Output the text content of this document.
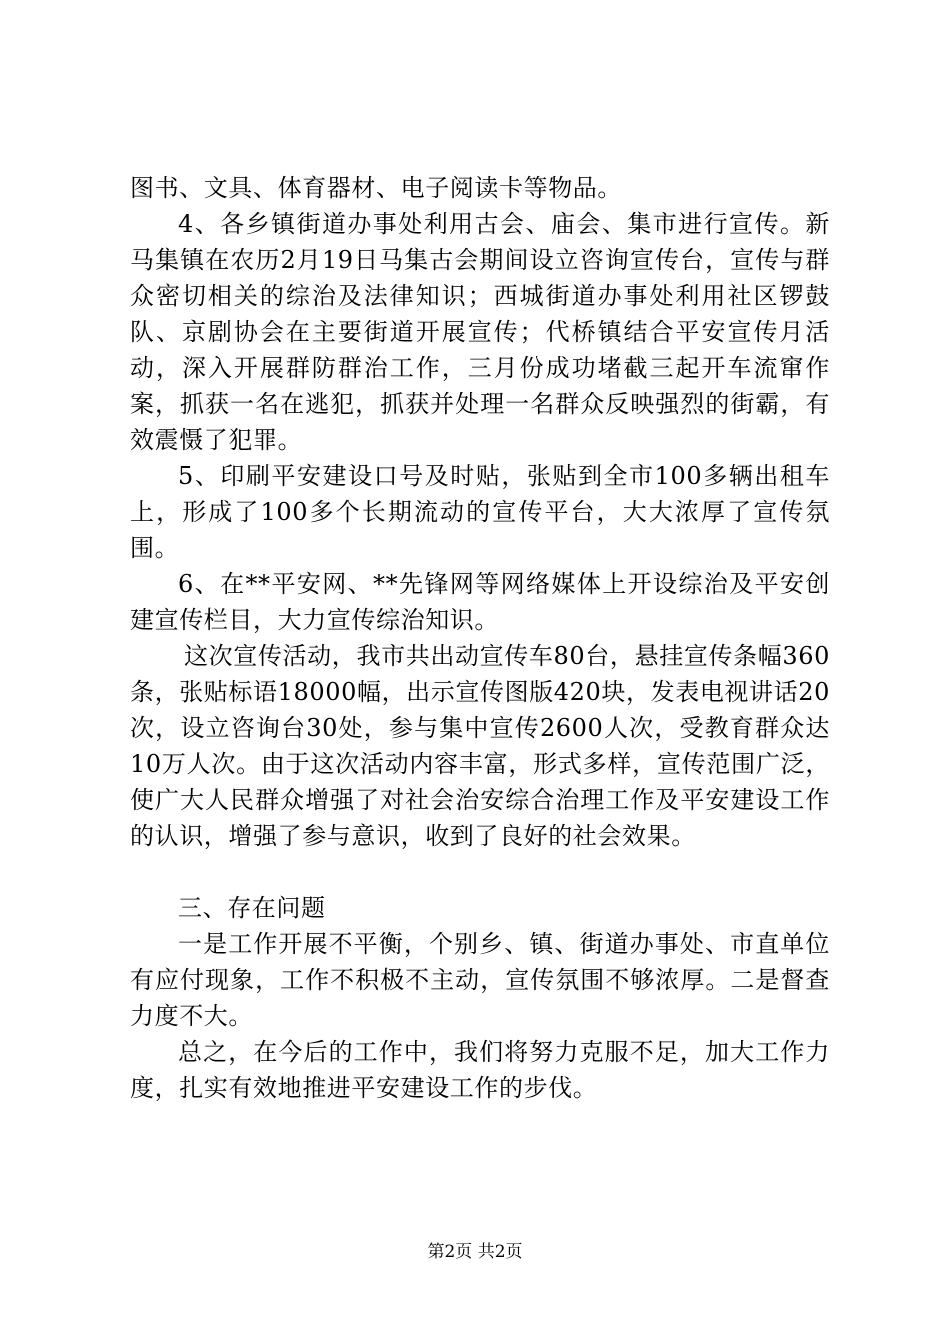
图书、文具、体育器材、电子阅读卡等物品。

4、各乡镇街道办事处利用古会、庙会、集市进行宣传。新马集镇在农历2月19日马集古会期间设立咨询宣传台，宣传与群众密切相关的综治及法律知识；西城街道办事处利用社区锣鼓队、京剧协会在主要街道开展宣传；代桥镇结合平安宣传月活动，深入开展群防群治工作，三月份成功堵截三起开车流窜作案，抓获一名在逃犯，抓获并处理一名群众反映强烈的街霸，有效震慑了犯罪。

5、印刷平安建设口号及时贴，张贴到全市100多辆出租车上，形成了100多个长期流动的宣传平台，大大浓厚了宣传氛围。

6、在**平安网、**先锋网等网络媒体上开设综治及平安创建宣传栏目，大力宣传综治知识。

这次宣传活动，我市共出动宣传车80台，悬挂宣传条幅360条，张贴标语18000幅，出示宣传图版420块，发表电视讲话20次，设立咨询台30处，参与集中宣传2600人次，受教育群众达10万人次。由于这次活动内容丰富，形式多样，宣传范围广泛，使广大人民群众增强了对社会治安综合治理工作及平安建设工作的认识，增强了参与意识，收到了良好的社会效果。

三、存在问题

一是工作开展不平衡，个别乡、镇、街道办事处、市直单位有应付现象，工作不积极不主动，宣传氛围不够浓厚。二是督查力度不大。

总之，在今后的工作中，我们将努力克服不足，加大工作力度，扎实有效地推进平安建设工作的步伐。

第2页 共2页
